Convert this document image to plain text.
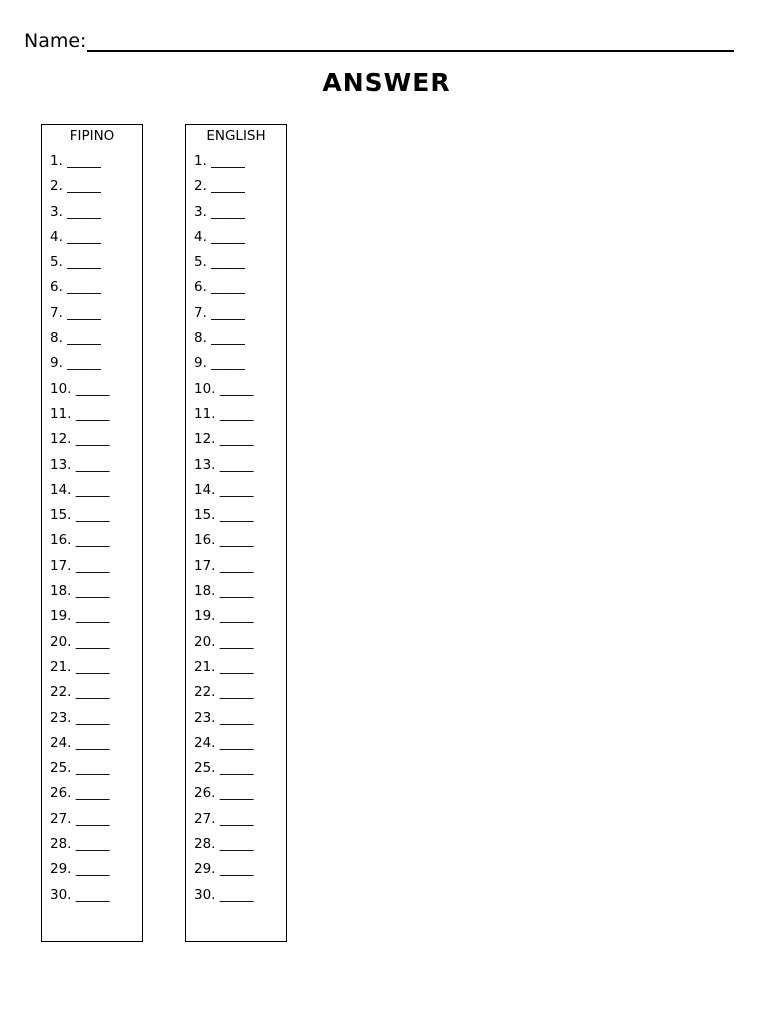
Name:
ANSWER
FIPINO
1. _____
2. _____
3. _____
4. _____
5. _____
6. _____
7. _____
8. _____
9. _____
10. _____
11. _____
12. _____
13. _____
14. _____
15. _____
16. _____
17. _____
18. _____
19. _____
20. _____
21. _____
22. _____
23. _____
24. _____
25. _____
26. _____
27. _____
28. _____
29. _____
30. _____
ENGLISH
1. _____
2. _____
3. _____
4. _____
5. _____
6. _____
7. _____
8. _____
9. _____
10. _____
11. _____
12. _____
13. _____
14. _____
15. _____
16. _____
17. _____
18. _____
19. _____
20. _____
21. _____
22. _____
23. _____
24. _____
25. _____
26. _____
27. _____
28. _____
29. _____
30. _____
